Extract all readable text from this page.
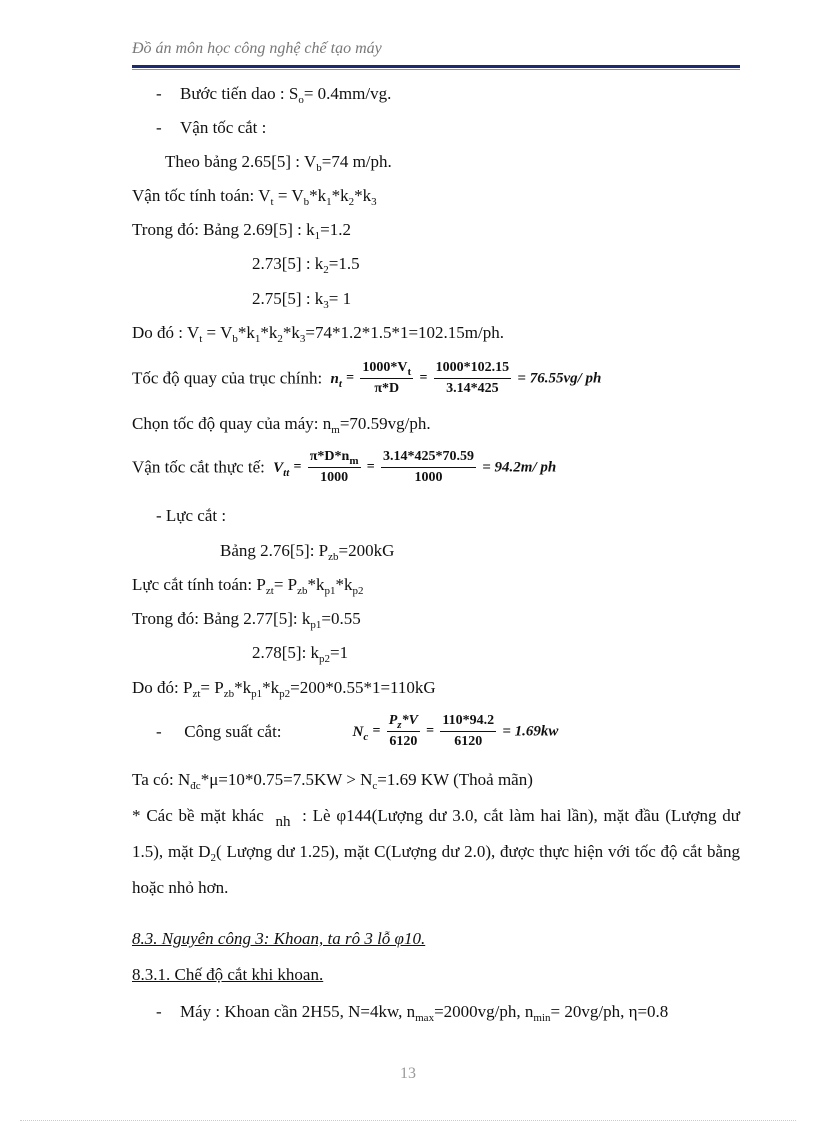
Đồ án môn học công nghệ chế tạo máy
- Bước tiến dao : $S_o= 0.4mm/vg$.
- Vận tốc cắt :
Theo bảng 2.65[5] : $V_b=74$ m/ph.
Vận tốc tính toán: $V_t = V_b*k_1*k_2*k_3$
Trong đó: Bảng 2.69[5] : $k_1=1.2$
2.73[5] : $k_2=1.5$
2.75[5] : $k_3= 1$
Do đó : $V_t = V_b*k_1*k_2*k_3=74*1.2*1.5*1=102.15m/ph$.
Tốc độ quay của trục chính: $n_t = \frac{1000*V_t}{\pi*D} = \frac{1000*102.15}{3.14*425} = 76.55vg/$ ph
Chọn tốc độ quay của máy: $n_m=70.59vg/ph$.
Vận tốc cắt thực tế: $V_{tt} = \frac{\pi*D*n_m}{1000} = \frac{3.14*425*70.59}{1000} = 94.2m/$ ph
- Lực cắt :
Bảng 2.76[5]: $P_{zb}=200kG$
Lực cắt tính toán: $P_{zt}= P_{zb}*k_{p1}*k_{p2}$
Trong đó: Bảng 2.77[5]: $k_{p1}=0.55$
2.78[5]: $k_{p2}=1$
Do đó: $P_{zt}= P_{zb}*k_{p1}*k_{p2}=200*0.55*1=110kG$
- Công suất cắt:	$N_c = \frac{P_z*V}{6120} = \frac{110*94.2}{6120} = 1.69kw$
Ta có: $N_{đc}*\mu=10*0.75=7.5KW > N_c=1.69$ KW (Thoả mãn)
* Các bề mặt khác $_{nh}$ : Lè φ144(Lượng dư 3.0, cắt làm hai lần), mặt đầu (Lượng dư 1.5), mặt $D_2$( Lượng dư 1.25), mặt C(Lượng dư 2.0), được thực hiện với tốc độ cắt bằng hoặc nhỏ hơn.
8.3. Nguyên công 3: Khoan, ta rô 3 lỗ φ10.
8.3.1. Chế độ cắt khi khoan.
- Máy : Khoan cần 2H55, N=4kw, $n_{max}=2000vg/ph$, $n_{min}= 20vg/ph$, η=0.8
13
